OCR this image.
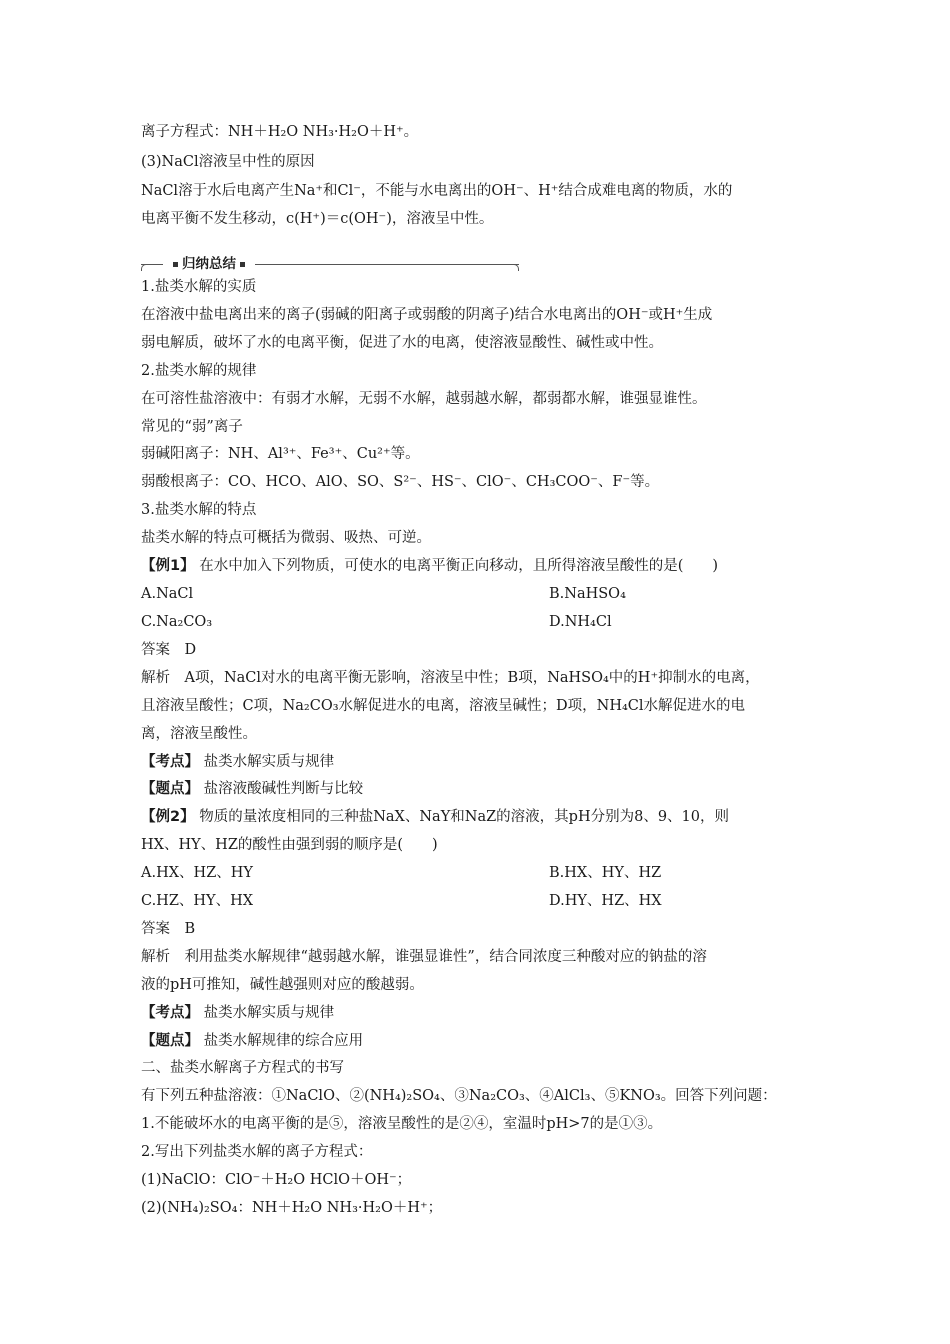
离子方程式：NH＋H₂O NH₃·H₂O＋H⁺。
(3)NaCl溶液呈中性的原因
NaCl溶于水后电离产生Na⁺和Cl⁻，不能与水电离出的OH⁻、H⁺结合成难电离的物质，水的
电离平衡不发生移动，c(H⁺)＝c(OH⁻)，溶液呈中性。
归纳总结
1.盐类水解的实质
在溶液中盐电离出来的离子(弱碱的阳离子或弱酸的阴离子)结合水电离出的OH⁻或H⁺生成
弱电解质，破坏了水的电离平衡，促进了水的电离，使溶液显酸性、碱性或中性。
2.盐类水解的规律
在可溶性盐溶液中：有弱才水解，无弱不水解，越弱越水解，都弱都水解，谁强显谁性。
常见的“弱”离子
弱碱阳离子：NH、Al³⁺、Fe³⁺、Cu²⁺等。
弱酸根离子：CO、HCO、AlO、SO、S²⁻、HS⁻、ClO⁻、CH₃COO⁻、F⁻等。
3.盐类水解的特点
盐类水解的特点可概括为微弱、吸热、可逆。
【例1】 在水中加入下列物质，可使水的电离平衡正向移动，且所得溶液呈酸性的是(　　)
A.NaCl	B.NaHSO₄
C.Na₂CO₃	D.NH₄Cl
答案　D
解析　A项，NaCl对水的电离平衡无影响，溶液呈中性；B项，NaHSO₄中的H⁺抑制水的电离，
且溶液呈酸性；C项，Na₂CO₃水解促进水的电离，溶液呈碱性；D项，NH₄Cl水解促进水的电
离，溶液呈酸性。
【考点】 盐类水解实质与规律
【题点】 盐溶液酸碱性判断与比较
【例2】 物质的量浓度相同的三种盐NaX、NaY和NaZ的溶液，其pH分别为8、9、10，则
HX、HY、HZ的酸性由强到弱的顺序是(　　)
A.HX、HZ、HY	B.HX、HY、HZ
C.HZ、HY、HX	D.HY、HZ、HX
答案　B
解析　利用盐类水解规律“越弱越水解，谁强显谁性”，结合同浓度三种酸对应的钠盐的溶
液的pH可推知，碱性越强则对应的酸越弱。
【考点】 盐类水解实质与规律
【题点】 盐类水解规律的综合应用
二、盐类水解离子方程式的书写
有下列五种盐溶液：①NaClO、②(NH₄)₂SO₄、③Na₂CO₃、④AlCl₃、⑤KNO₃。回答下列问题：
1.不能破坏水的电离平衡的是⑤，溶液呈酸性的是②④，室温时pH>7的是①③。
2.写出下列盐类水解的离子方程式：
(1)NaClO：ClO⁻＋H₂O HClO＋OH⁻；
(2)(NH₄)₂SO₄：NH＋H₂O NH₃·H₂O＋H⁺；
